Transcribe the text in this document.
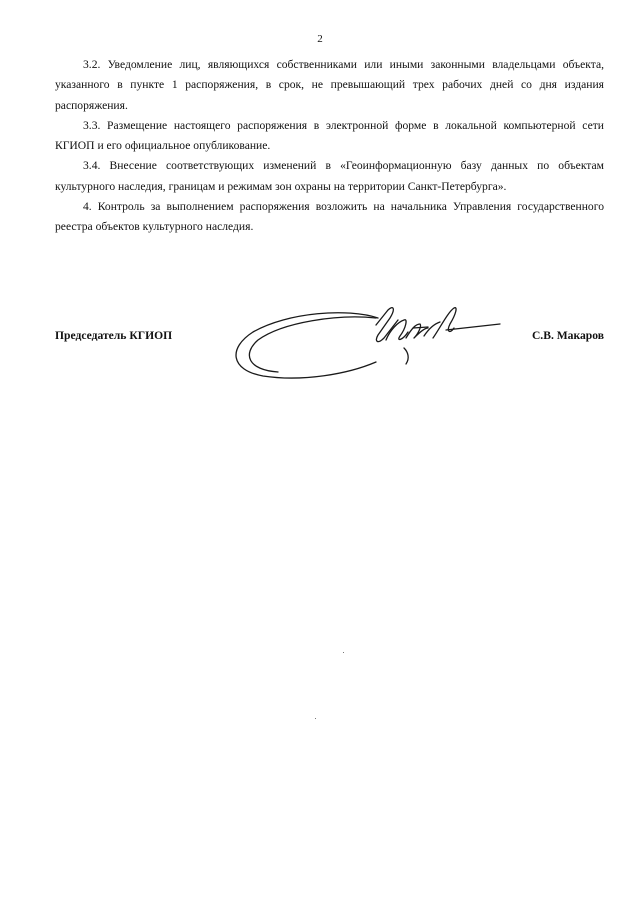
2

3.2. Уведомление лиц, являющихся собственниками или иными законными владельцами объекта, указанного в пункте 1 распоряжения, в срок, не превышающий трех рабочих дней со дня издания распоряжения.

3.3. Размещение настоящего распоряжения в электронной форме в локальной компьютерной сети КГИОП и его официальное опубликование.

3.4. Внесение соответствующих изменений в «Геоинформационную базу данных по объектам культурного наследия, границам и режимам зон охраны на территории Санкт-Петербурга».

4. Контроль за выполнением распоряжения возложить на начальника Управления государственного реестра объектов культурного наследия.

Председатель КГИОП	С.В. Макаров
